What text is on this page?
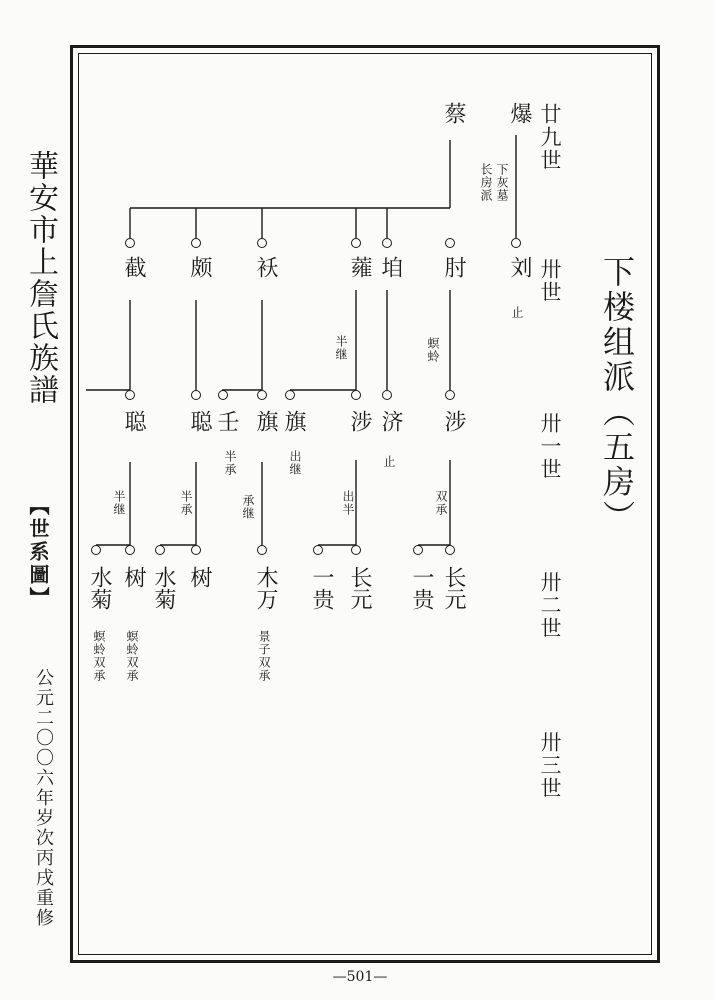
華安市上詹氏族譜
【世系圖】
公元二〇〇六年岁次丙戌重修
下楼组派（五房）
—501—
廿九世
卅世
卅一世
卅二世
卅三世
爆
蔡
刘
肘
垍
蕹
袄
颇
截
下灰墓
长房派
止
螟蛉
半继
涉
济
涉
旗
旗
壬
聪
聪
止
双承
出半
出继
半承
承继
半承
半继
长元
一贵
长元
一贵
木万
树
水菊
树
水菊
景子双承
螟蛉双承
螟蛉双承
